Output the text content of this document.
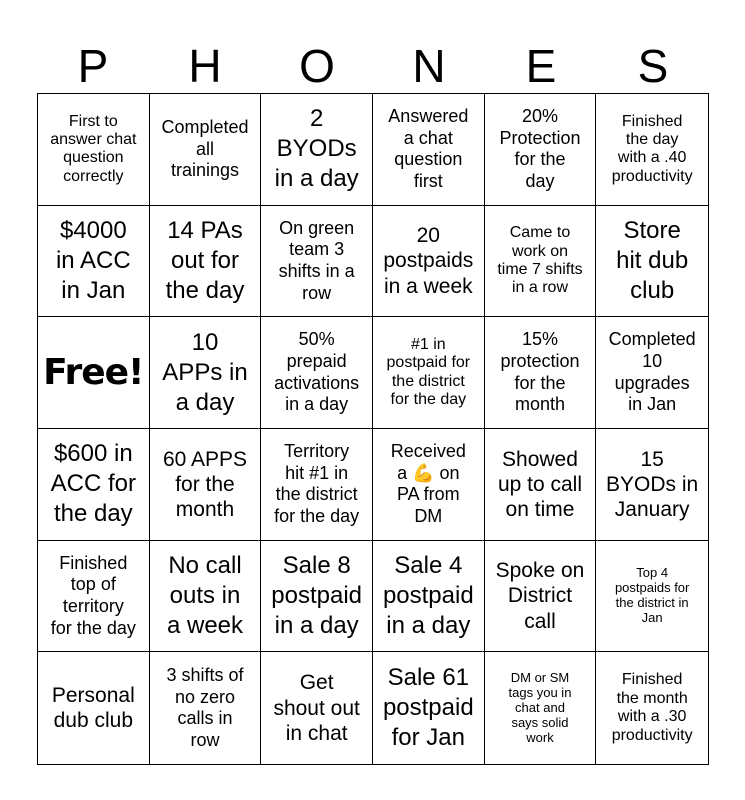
P	H	O	N	E	S
First to
answer chat
question
correctly
Completed
all
trainings
2
BYODs
in a day
Answered
a chat
question
first
20%
Protection
for the
day
Finished
the day
with a .40
productivity
$4000
in ACC
in Jan
14 PAs
out for
the day
On green
team 3
shifts in a
row
20
postpaids
in a week
Came to
work on
time 7 shifts
in a row
Store
hit dub
club
Free!
10
APPs in
a day
50%
prepaid
activations
in a day
#1 in
postpaid for
the district
for the day
15%
protection
for the
month
Completed
10
upgrades
in Jan
$600 in
ACC for
the day
60 APPS
for the
month
Territory
hit #1 in
the district
for the day
Received
a 💪 on
PA from
DM
Showed
up to call
on time
15
BYODs in
January
Finished
top of
territory
for the day
No call
outs in
a week
Sale 8
postpaid
in a day
Sale 4
postpaid
in a day
Spoke on
District
call
Top 4
postpaids for
the district in
Jan
Personal
dub club
3 shifts of
no zero
calls in
row
Get
shout out
in chat
Sale 61
postpaid
for Jan
DM or SM
tags you in
chat and
says solid
work
Finished
the month
with a .30
productivity
